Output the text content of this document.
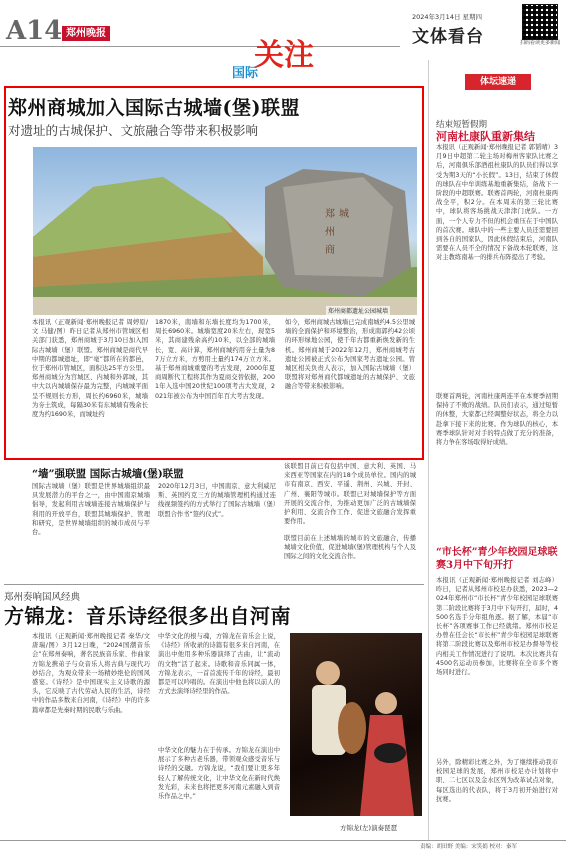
A14 郑州晚报
关注
国际
2024年3月14日 星期四
文体看台	扫码看读更多新闻
郑州商城加入国际古城墙(堡)联盟
对遗址的古城保护、文旅融合等带来积极影响
郑
州
商
城
郑州商都遗址公园城墙
本报讯（正观新闻·郑州晚报记者 周婷原/文 马健/图）昨日记者从郑州市管城区相关部门获悉，郑州商城于3月10日加入国际古城墙（堡）联盟。郑州商城是商代早中期的都城遗址，即“亳”都所在的都邑，位于郑州市管城区，面积达25平方公里。郑州商城分为宫城区、内城和外郭城，其中大以内城墙保存最为完整，内城城平面呈不规则长方形，周长约6960米，城墙为夯土筑成，每隔30米有东城墙有残余长度为约1690米，而城址约
1870米，南墙和东墙长度均为1700米，周长6960米。城墙宽度20米左右，现宽5米，其商建残余高约10米，以全部的城墙长，宽、高计算，郑州商城约用夯土量为87万立方米，方剪用土量约174万立方米。基于郑州商城重要的考古发现，2000年夏商周断代工程将其作为夏商交替依据，2001年入选中国20世纪100项考古大发现，2021年被公布为中国百年百大考古发现。
如今，郑州商城古城墙已完成南城约4.5公里城墙的全面保护和环境整治，形成南郭约42公顷的环形绿地公园，使千年古都重新焕发新的生机。郑州商城于2022年12月，郑州商城考古遗址公园被正式公布为国家考古遗址公园。管城区相关负责人表示，加入国际古城墙（堡）联盟将对郑州商代都城遗址的古城保护、文旅融合等带来积极影响。
“墙”强联盟 国际古城墙(堡)联盟
国际古城墙（堡）联盟是世界城墙组织最具发展潜力的平台之一，由中国南京城墙倡导，发起利用古城墙连接古城墙保护与利用的开放平台，联盟其城墙保护、管理和研究，是世界城墙组织的城市成员与平台。
2020年12月3日，中国南京、意大利威尼斯、英国约克三方的城墙管理机构通过连线视频签约的方式举行了国际古城墙（堡）联盟合作书“签约仪式”。
该联盟目前已有包括中国、意大利、英国、马来西亚等国家在内的18个成员单位。国内的城市有南京、西安、平遥、荆州、兴城、开封、广州、襄阳等城市。联盟已对城墙保护等方面开展的交流合作，为推动更加广泛的古城墙保护利用、交流合作工作、促进文旅融合发挥重要作用。
联盟目前在上述城墙的城市的文旅融合，传播城墙文化价值，促进城墙(堡)管理机构与个人及国际之间的文化交流合作。
体坛速递
结束短暂假期
河南杜康队重新集结
本报讯（正观新闻·郑州晚报记者 郭韬晴）3月9日中超第二轮主场对梅州客家队比赛之后，河南俱乐部酒祖杜康队的队员们得以享受为期3天的“小长假”。13日，结束了休假的球队在中牟训练基地重新集结，备战下一阶段的中超联赛。联赛首两轮，河南杜康两战全平，积2分。在本周末的第三轮比赛中，球队将客场挑战天津津门虎队。一方面，一个人专力不但的机会重压在于中国队的首次赛。球队中的一些主要人员还需要回到各自的国家队，因此休假结束后，河南队需要在人员不全的情况下备战本轮联赛，这对主教练南基一的排兵布阵提出了考验。
联赛首两轮，河南杜康两连平在本赛季初期保持了不败的战绩。队员们表示，通过短暂的休整，大家都已经调整好状态，将全力以赴拿下接下来的比赛。作为球队的核心，本赛季球队针对对手的特点做了充分的准备，将力争在客场取得好成绩。
“市长杯”青少年校园足球联赛3月中下旬开打
本报讯（正观新闻·郑州晚报记者 刘志峰）昨日，记者从郑州市校足办获悉，2023—2024年郑州市“市长杯”青少年校园足球联赛第二阶段比赛将于3月中下旬开打，届时，4500名选手分年组角逐。据了解，本届“市长杯”各项赛事工作已经就绪。郑州市校足办曾在任会长“市长杯”青少年校园足球联赛将第二阶段比赛以及郑州市校足办督导等校内相关工作情况进行了说明。本次比赛共有4500名运动员参加，比赛将在全市多个赛场同时进行。
另外，除精彩比赛之外，为了继续推动我市校园足球的发展，郑州市校足办计划将中职、二七区以及金水区列为改革试点对象，每区选出的代表队，将于3月初开始进行对抗赛。
郑州奏响国风经典
方锦龙：音乐诗经很多出自河南
本报讯（正观新闻·郑州晚报记者 秦华/文 唐瑞/图）3月12日晚，“2024国潮音乐会”在郑州奏响，著名民族音乐家、作曲家方锦龙携弟子与众音乐人将古典与现代巧妙结合，为观众带来一场精妙绝伦的国风盛宴。《诗经》是中国现实主义诗歌的源头，它反映了古代劳动人民的生活，诗经中的作品多数来自河南，《诗经》中的许多篇章都是先秦时期的民歌与乐曲。
中华文化的根与魂，方锦龙在音乐会上说，《诗经》所收录的诗篇有很多来自河南，在演出中他用多种乐器演绎了古曲，让“流动的文物”活了起来。诗歌和音乐同属一体，方锦龙表示，一首首流传千年的诗经，最初都是可以吟唱的。在演出中他也将以前人的方式去演绎诗经里的作品。
中华文化的魅力在于传承。方锦龙在演出中展示了多种古老乐器，带领观众感受音乐与诗经的交融。方锦龙说，“我们要让更多年轻人了解传统文化，让中华文化在新时代焕发光彩，未来也将把更多河南元素融入到音乐作品之中。”
方锦龙(左)演奏琵琶
责编：胡田野 美编：宋笑娟 校对：秦军
